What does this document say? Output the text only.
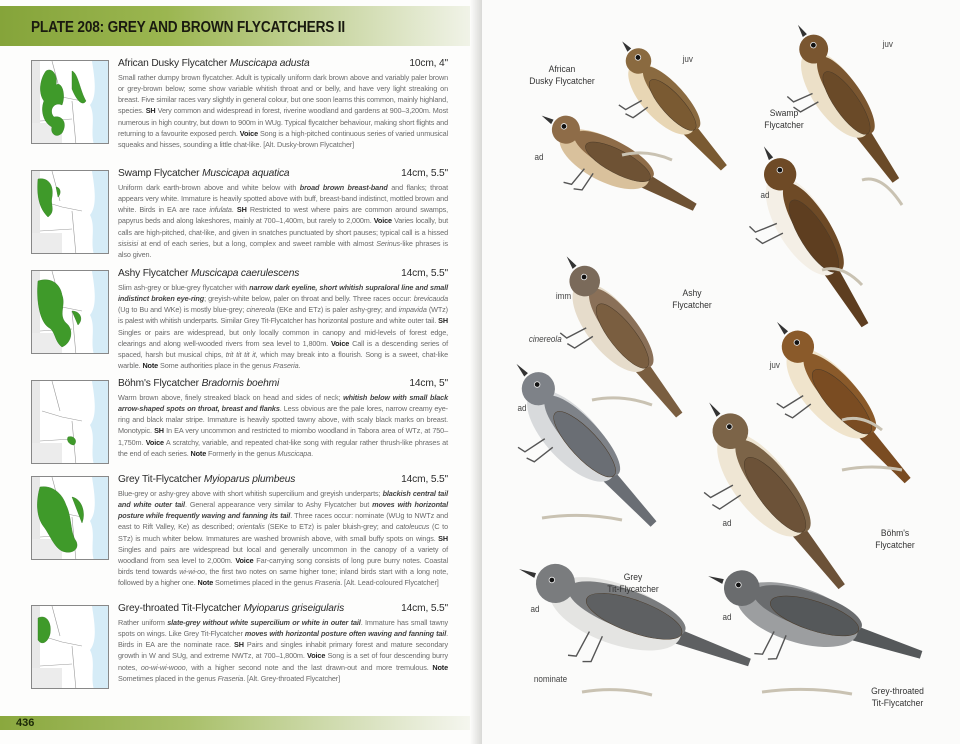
PLATE 208: GREY AND BROWN FLYCATCHERS II
African Dusky Flycatcher Muscicapa adusta	10cm, 4"
Small rather dumpy brown flycatcher. Adult is typically uniform dark brown above and variably paler brown or grey-brown below; some show variable whitish throat and or belly, and have very light streaking on breast. Five similar races vary slightly in general colour, but one soon learns this common, mainly highland, species. SH Very common and widespread in forest, riverine woodland and gardens at 900–3,200m. Most numerous in high country, but down to 900m in WUg. Typical flycatcher behaviour, making short flights and returning to a favourite exposed perch. Voice Song is a high-pitched continuous series of varied unmusical squeaks and hisses, sounding a little chat-like. [Alt. Dusky-brown Flycatcher]
Swamp Flycatcher Muscicapa aquatica	14cm, 5.5"
Uniform dark earth-brown above and white below with broad brown breast-band and flanks; throat appears very white. Immature is heavily spotted above with buff, breast-band indistinct, mottled brown and white. Birds in EA are race infulata. SH Restricted to west where pairs are common around swamps, papyrus beds and along lakeshores, mainly at 700–1,400m, but rarely to 2,000m. Voice Varies locally, but calls are high-pitched, chat-like, and given in snatches punctuated by short pauses; typical call is a hissed sisisisi at end of each series, but a long, complex and sweet ramble with almost Serinus-like phrases is also given.
Ashy Flycatcher Muscicapa caerulescens	14cm, 5.5"
Slim ash-grey or blue-grey flycatcher with narrow dark eyeline, short whitish supraloral line and small indistinct broken eye-ring; greyish-white below, paler on throat and belly. Three races occur: brevicauda (Ug to Bu and WKe) is mostly blue-grey; cinereola (EKe and ETz) is paler ashy-grey; and impavida (WTz) is palest with whitish underparts. Similar Grey Tit-Flycatcher has horizontal posture and white outer tail. SH Singles or pairs are widespread, but only locally common in canopy and mid-levels of forest edge, clearings and along well-wooded rivers from sea level to 1,800m. Voice Call is a descending series of spaced, harsh but musical chips, trit tit tit it, which may break into a flourish. Song is a sweet, chat-like warble. Note Some authorities place in the genus Fraseria.
Böhm's Flycatcher Bradornis boehmi	14cm, 5"
Warm brown above, finely streaked black on head and sides of neck; whitish below with small black arrow-shaped spots on throat, breast and flanks. Less obvious are the pale lores, narrow creamy eye-ring and black malar stripe. Immature is heavily spotted tawny above, with scaly black marks on breast. Monotypic. SH In EA very uncommon and restricted to miombo woodland in Tabora area of WTz, at 750–1,750m. Voice A scratchy, variable, and repeated chat-like song with regular rather thrush-like phrases at the end of each series. Note Formerly in the genus Muscicapa.
Grey Tit-Flycatcher Myioparus plumbeus	14cm, 5.5"
Blue-grey or ashy-grey above with short whitish supercilium and greyish underparts; blackish central tail and white outer tail. General appearance very similar to Ashy Flycatcher but moves with horizontal posture while frequently waving and fanning its tail. Three races occur: nominate (WUg to NWTz and east to Rift Valley, Ke) as described; orientalis (SEKe to ETz) is paler bluish-grey; and catoleucus (C to STz) is much whiter below. Immatures are washed brownish above, with small buffy spots on wings. SH Singles and pairs are widespread but local and generally uncommon in the canopy of a variety of woodland from sea level to 2,000m. Voice Far-carrying song consists of long pure burry notes. Coastal birds tend towards wi-wi-oo, the first two notes on same higher tone; inland birds start with a long note, followed by a higher one. Note Sometimes placed in the genus Fraseria. [Alt. Lead-coloured Flycatcher]
Grey-throated Tit-Flycatcher Myioparus griseigularis	14cm, 5.5"
Rather uniform slate-grey without white supercilium or white in outer tail. Immature has small tawny spots on wings. Like Grey Tit-Flycatcher moves with horizontal posture often waving and fanning tail. Birds in EA are the nominate race. SH Pairs and singles inhabit primary forest and mature secondary growth in W and SUg, and extreme NWTz, at 700–1,800m. Voice Song is a set of four descending burry notes, oo-wi-wi-wooo, with a higher second note and the last drawn-out and more tremulous. Note Sometimes placed in the genus Fraseria. [Alt. Grey-throated Flycatcher]
436
African
Dusky Flycatcher
juv
ad
Swamp
Flycatcher
juv
ad
imm	Ashy
Flycatcher
cinereola
ad
juv
ad
Böhm's
Flycatcher
Grey
Tit-Flycatcher
ad
ad
nominate
Grey-throated
Tit-Flycatcher
